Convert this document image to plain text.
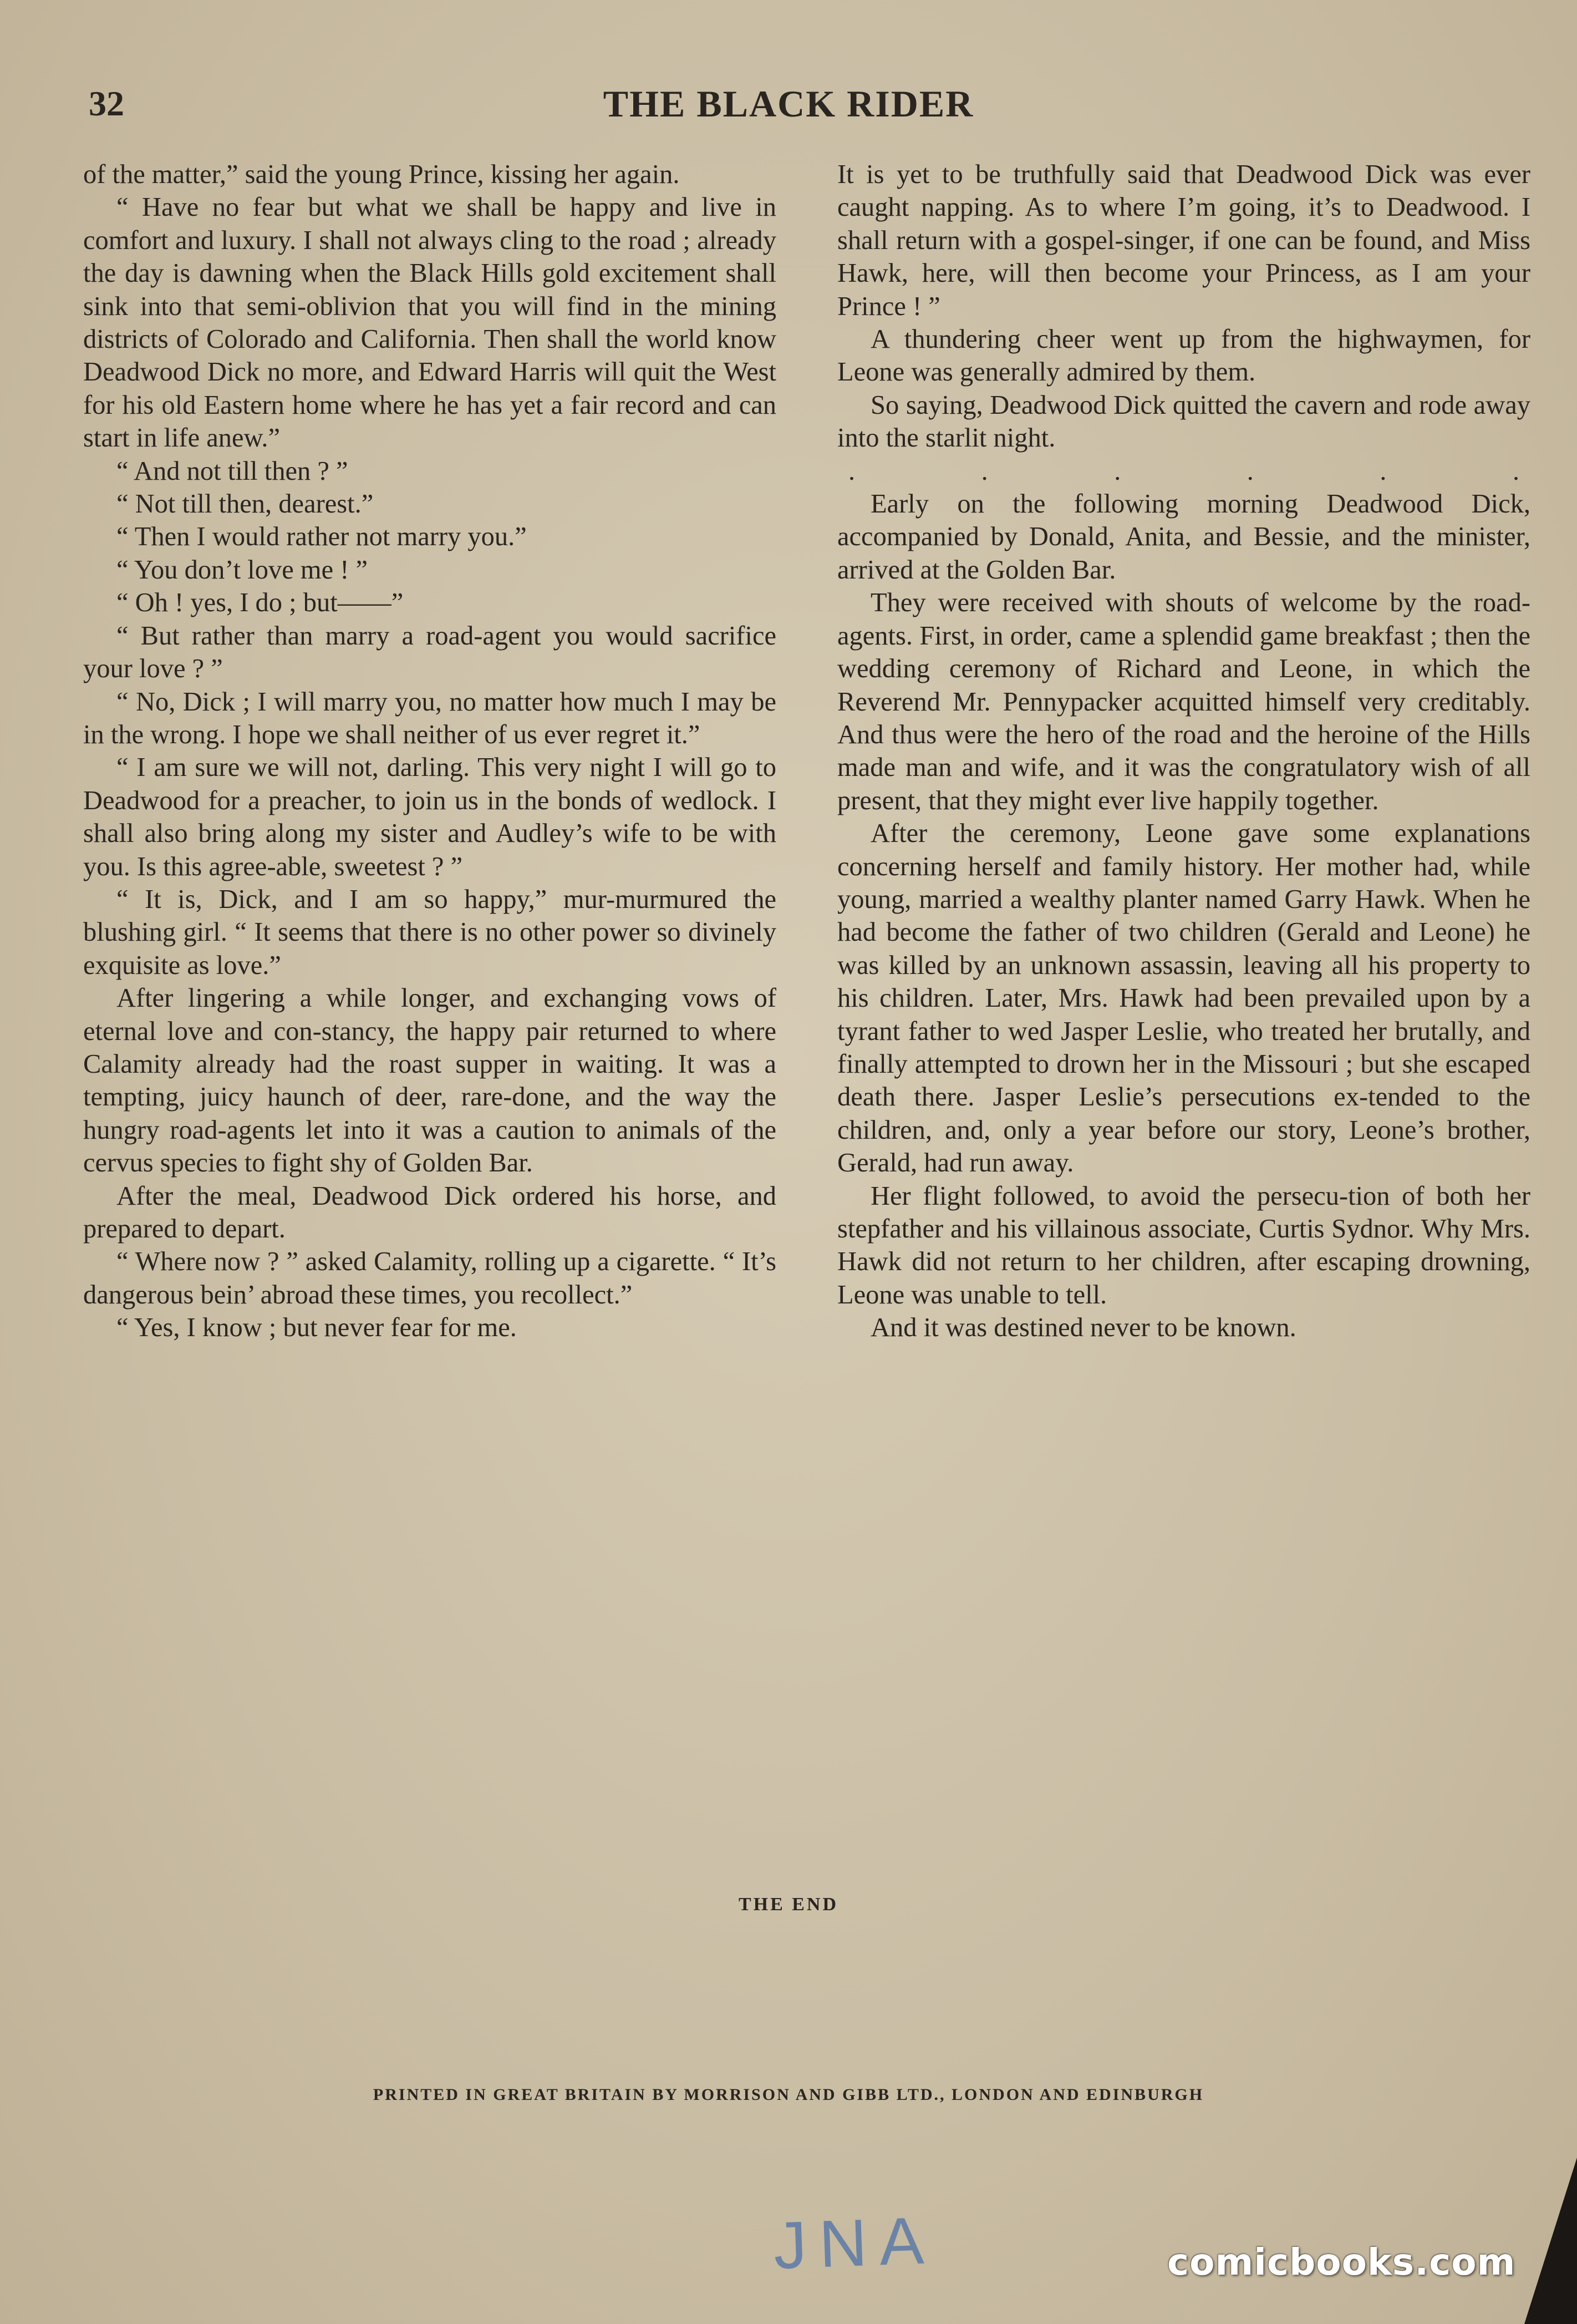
32	THE BLACK RIDER

of the matter,” said the young Prince, kissing her again.

“ Have no fear but what we shall be happy and live in comfort and luxury. I shall not always cling to the road ; already the day is dawning when the Black Hills gold excitement shall sink into that semi-oblivion that you will find in the mining districts of Colorado and California. Then shall the world know Deadwood Dick no more, and Edward Harris will quit the West for his old Eastern home where he has yet a fair record and can start in life anew.”

“ And not till then ? ”

“ Not till then, dearest.”

“ Then I would rather not marry you.”

“ You don’t love me ! ”

“ Oh ! yes, I do ; but——”

“ But rather than marry a road-agent you would sacrifice your love ? ”

“ No, Dick ; I will marry you, no matter how much I may be in the wrong. I hope we shall neither of us ever regret it.”

“ I am sure we will not, darling. This very night I will go to Deadwood for a preacher, to join us in the bonds of wedlock. I shall also bring along my sister and Audley’s wife to be with you. Is this agree-able, sweetest ? ”

“ It is, Dick, and I am so happy,” mur-murmured the blushing girl. “ It seems that there is no other power so divinely exquisite as love.”

After lingering a while longer, and exchanging vows of eternal love and con-stancy, the happy pair returned to where Calamity already had the roast supper in waiting. It was a tempting, juicy haunch of deer, rare-done, and the way the hungry road-agents let into it was a caution to animals of the cervus species to fight shy of Golden Bar.

After the meal, Deadwood Dick ordered his horse, and prepared to depart.

“ Where now ? ” asked Calamity, rolling up a cigarette. “ It’s dangerous bein’ abroad these times, you recollect.”

“ Yes, I know ; but never fear for me.

It is yet to be truthfully said that Deadwood Dick was ever caught napping. As to where I’m going, it’s to Deadwood. I shall return with a gospel-singer, if one can be found, and Miss Hawk, here, will then become your Princess, as I am your Prince ! ”

A thundering cheer went up from the highwaymen, for Leone was generally admired by them.

So saying, Deadwood Dick quitted the cavern and rode away into the starlit night.

.	.	.	.	.	.

Early on the following morning Deadwood Dick, accompanied by Donald, Anita, and Bessie, and the minister, arrived at the Golden Bar.

They were received with shouts of welcome by the road-agents. First, in order, came a splendid game breakfast ; then the wedding ceremony of Richard and Leone, in which the Reverend Mr. Pennypacker acquitted himself very creditably. And thus were the hero of the road and the heroine of the Hills made man and wife, and it was the congratulatory wish of all present, that they might ever live happily together.

After the ceremony, Leone gave some explanations concerning herself and family history. Her mother had, while young, married a wealthy planter named Garry Hawk. When he had become the father of two children (Gerald and Leone) he was killed by an unknown assassin, leaving all his property to his children. Later, Mrs. Hawk had been prevailed upon by a tyrant father to wed Jasper Leslie, who treated her brutally, and finally attempted to drown her in the Missouri ; but she escaped death there. Jasper Leslie’s persecutions ex-tended to the children, and, only a year before our story, Leone’s brother, Gerald, had run away.

Her flight followed, to avoid the persecu-tion of both her stepfather and his villainous associate, Curtis Sydnor. Why Mrs. Hawk did not return to her children, after escaping drowning, Leone was unable to tell.

And it was destined never to be known.

THE END
PRINTED IN GREAT BRITAIN BY MORRISON AND GIBB LTD., LONDON AND EDINBURGH
JNA	comicbooks.com
